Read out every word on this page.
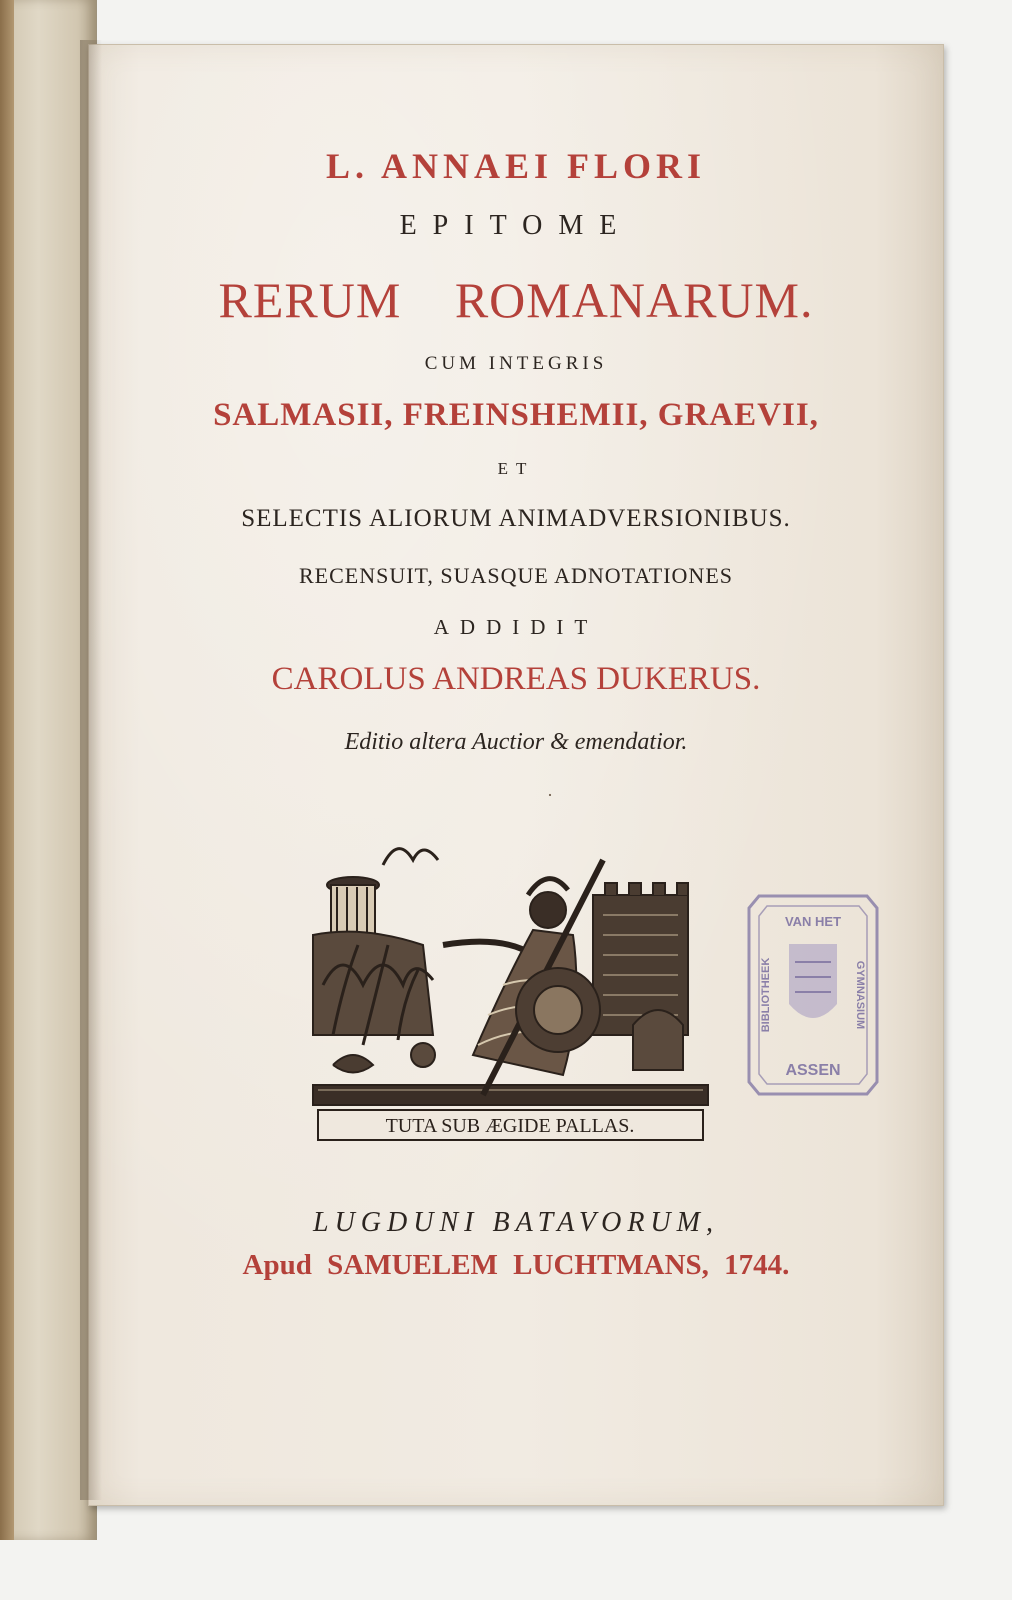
L. ANNAEI FLORI
EPITOME
RERUM ROMANARUM.
CUM INTEGRIS
SALMASII, FREINSHEMII, GRAEVII,
ET
SELECTIS ALIORUM ANIMADVERSIONIBUS.
RECENSUIT, SUASQUE ADNOTATIONES
ADDIDIT
CAROLUS ANDREAS DUKERUS.
Editio altera Auctior & emendatior.
·
TUTA SUB ÆGIDE PALLAS.
VAN HET
ASSEN
BIBLIOTHEEK	GYMNASIUM
LUGDUNI BATAVORUM,
Apud SAMUELEM LUCHTMANS, 1744.
